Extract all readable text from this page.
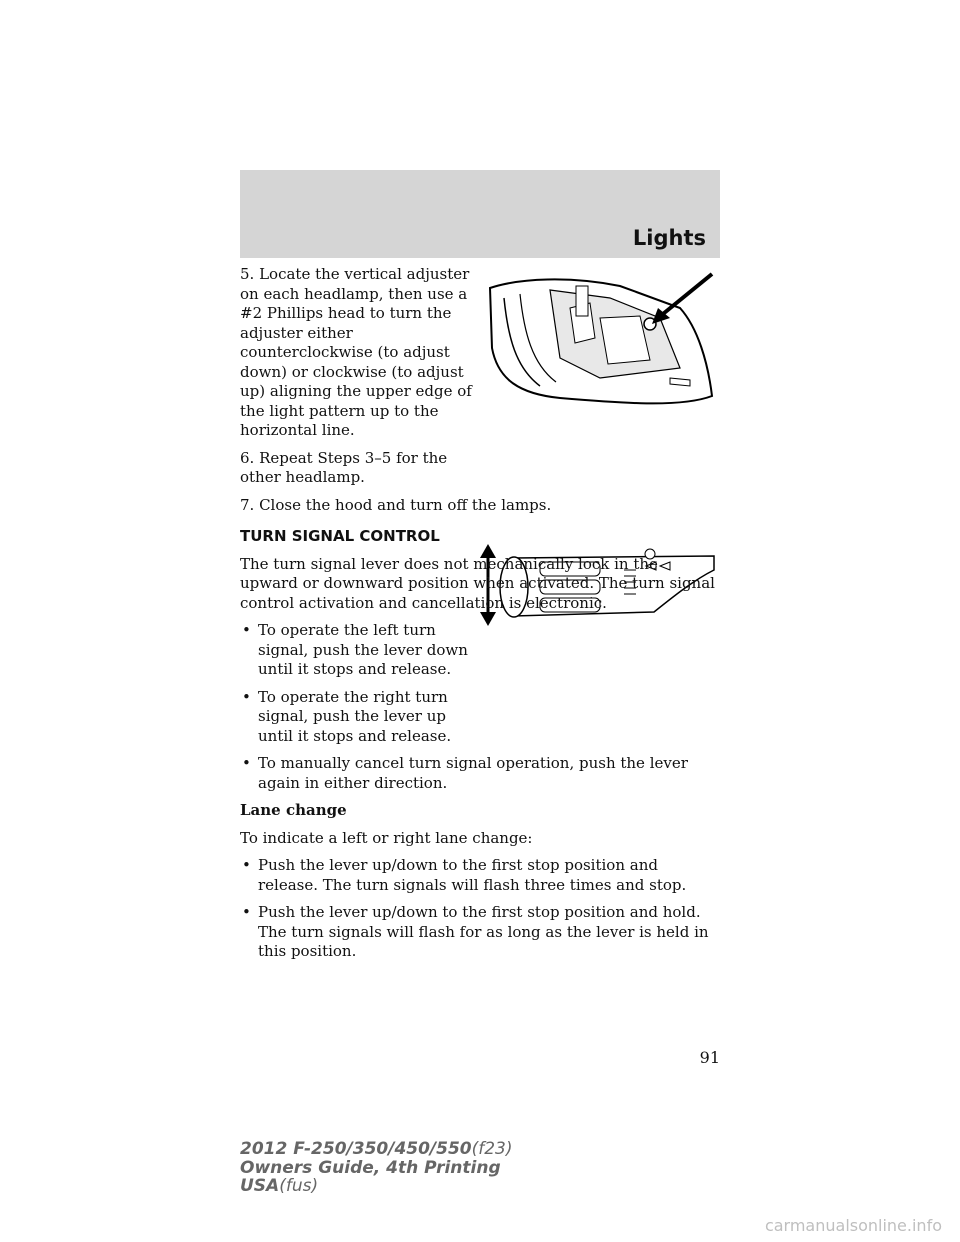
Lights

5. Locate the vertical adjuster on each headlamp, then use a #2 Phillips head to turn the adjuster either counterclockwise (to adjust down) or clockwise (to adjust up) aligning the upper edge of the light pattern up to the horizontal line.

6. Repeat Steps 3–5 for the other headlamp.

7. Close the hood and turn off the lamps.

TURN SIGNAL CONTROL

The turn signal lever does not mechanically lock in the upward or downward position when activated. The turn signal control activation and cancellation is electronic.

• To operate the left turn signal, push the lever down until it stops and release.
• To operate the right turn signal, push the lever up until it stops and release.
• To manually cancel turn signal operation, push the lever again in either direction.
Lane change

To indicate a left or right lane change:

• Push the lever up/down to the first stop position and release. The turn signals will flash three times and stop.
• Push the lever up/down to the first stop position and hold. The turn signals will flash for as long as the lever is held in this position.
91
2012 F-250/350/450/550(f23)
Owners Guide, 4th Printing
USA(fus)
carmanualsonline.info
